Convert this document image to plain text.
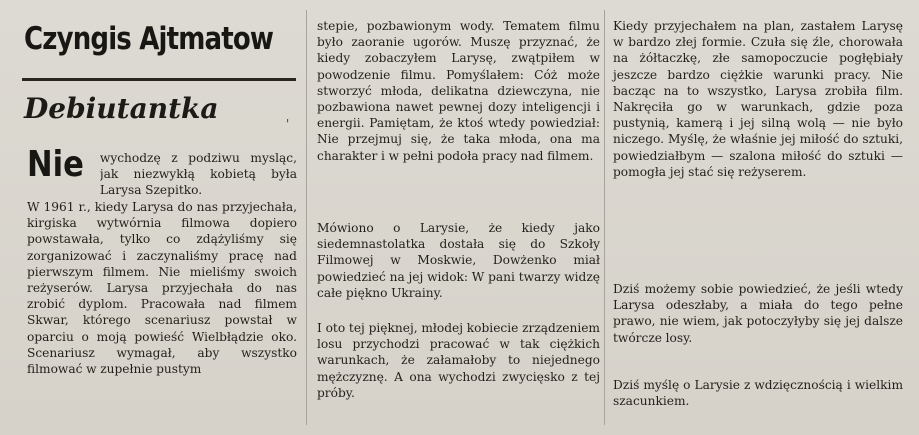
Czyngis Ajtmatow
Debiutantka	'
Nie wychodzę z podziwu mysląc, jak niezwykłą kobietą była Larysa Szepitko.

W 1961 r., kiedy Larysa do nas przyjechała, kirgiska wytwórnia filmowa dopiero powstawała, tylko co zdążyliśmy się zorganizować i zaczynaliśmy pracę nad pierwszym filmem. Nie mieliśmy swoich reżyserów. Larysa przyjechała do nas zrobić dyplom. Pracowała nad filmem Skwar, którego scenariusz powstał w oparciu o moją powieść Wielbłądzie oko. Scenariusz wymagał, aby wszystko filmować w zupełnie pustym

stepie, pozbawionym wody. Tematem filmu było zaoranie ugorów. Muszę przyznać, że kiedy zobaczyłem Larysę, zwątpiłem w powodzenie filmu. Pomyślałem: Cóż może stworzyć młoda, delikatna dziewczyna, nie pozbawiona nawet pewnej dozy inteligencji i energii. Pamiętam, że ktoś wtedy powiedział: Nie przejmuj się, że taka młoda, ona ma charakter i w pełni podoła pracy nad filmem.

Mówiono o Larysie, że kiedy jako siedemnastolatka dostała się do Szkoły Filmowej w Moskwie, Dowżenko miał powiedzieć na jej widok: W pani twarzy widzę całe piękno Ukrainy.

I oto tej pięknej, młodej kobiecie zrządzeniem losu przychodzi pracować w tak ciężkich warunkach, że załamałoby to niejednego mężczyznę. A ona wychodzi zwycięsko z tej próby.

Kiedy przyjechałem na plan, zastałem Larysę w bardzo złej formie. Czuła się źle, chorowała na żółtaczkę, złe samopoczucie pogłębiały jeszcze bardzo ciężkie warunki pracy. Nie bacząc na to wszystko, Larysa zrobiła film. Nakręciła go w warunkach, gdzie poza pustynią, kamerą i jej silną wolą — nie było niczego. Myślę, że właśnie jej miłość do sztuki, powiedziałbym — szalona miłość do sztuki — pomogła jej stać się reżyserem.

Dziś możemy sobie powiedzieć, że jeśli wtedy Larysa odeszłaby, a miała do tego pełne prawo, nie wiem, jak potoczyłyby się jej dalsze twórcze losy.

Dziś myślę o Larysie z wdzięcznością i wielkim szacunkiem.
